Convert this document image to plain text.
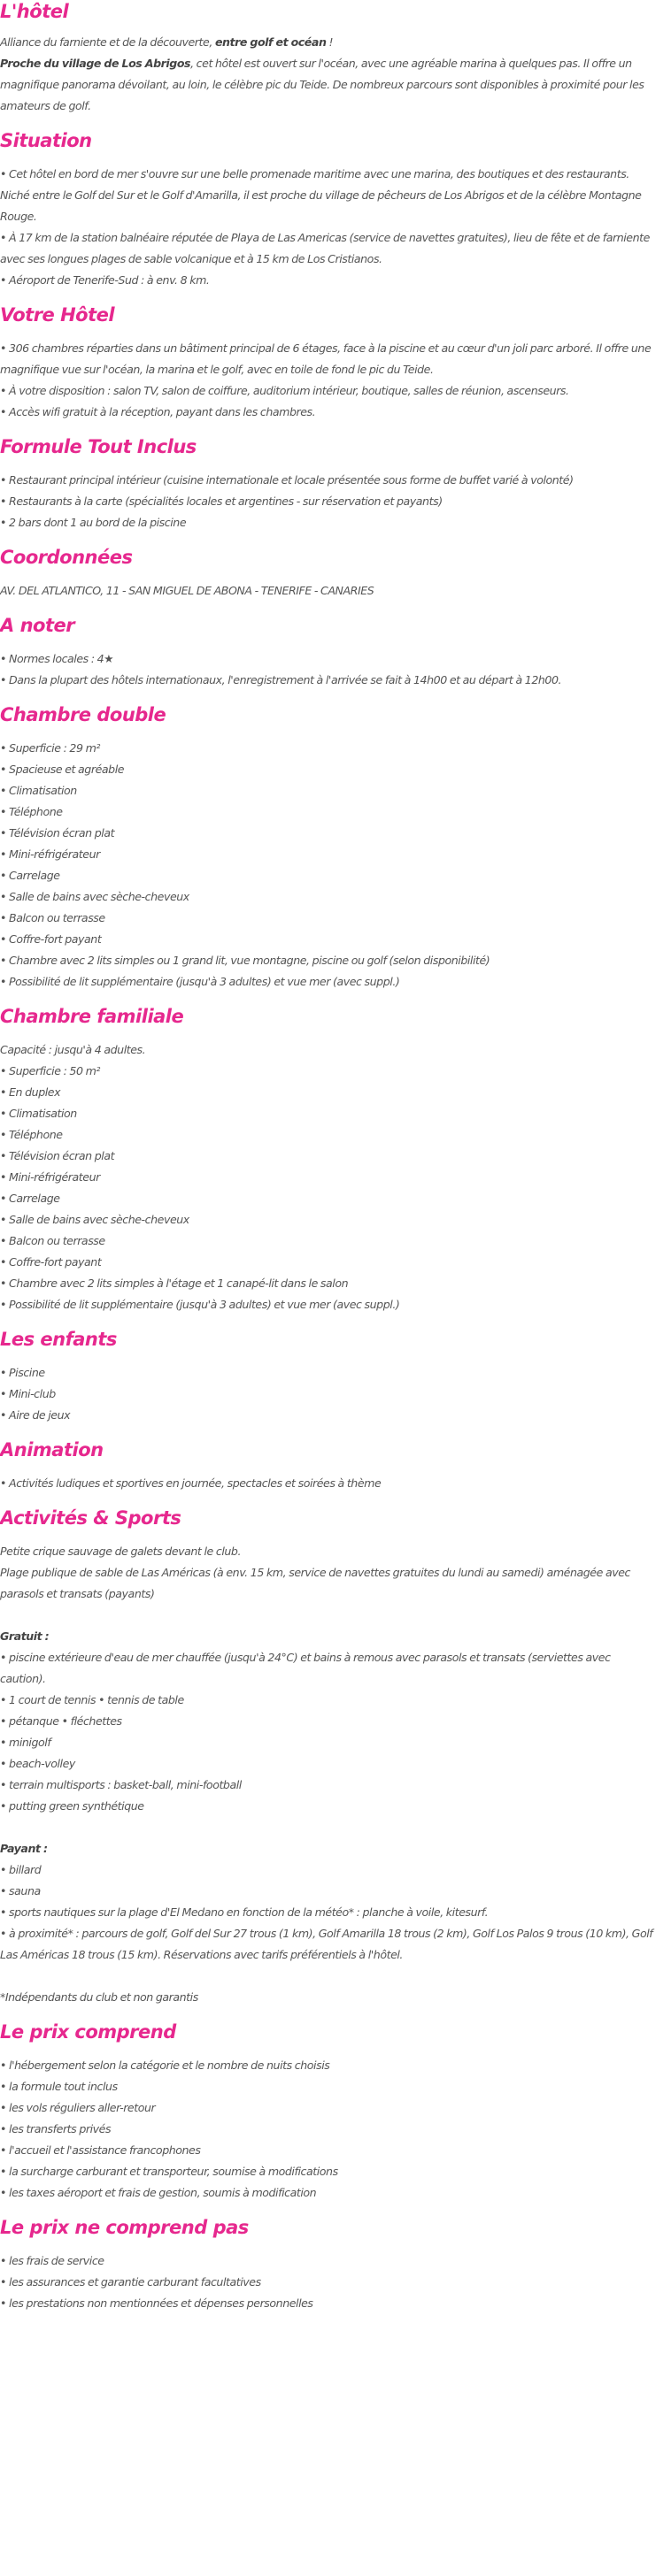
L'hôtel

Alliance du farniente et de la découverte, entre golf et océan !

Proche du village de Los Abrigos, cet hôtel est ouvert sur l'océan, avec une agréable marina à quelques pas. Il offre un magnifique panorama dévoilant, au loin, le célèbre pic du Teide. De nombreux parcours sont disponibles à proximité pour les amateurs de golf.

Situation

• Cet hôtel en bord de mer s'ouvre sur une belle promenade maritime avec une marina, des boutiques et des restaurants. Niché entre le Golf del Sur et le Golf d'Amarilla, il est proche du village de pêcheurs de Los Abrigos et de la célèbre Montagne Rouge.

• À 17 km de la station balnéaire réputée de Playa de Las Americas (service de navettes gratuites), lieu de fête et de farniente avec ses longues plages de sable volcanique et à 15 km de Los Cristianos.

• Aéroport de Tenerife-Sud : à env. 8 km.

Votre Hôtel

• 306 chambres réparties dans un bâtiment principal de 6 étages, face à la piscine et au cœur d'un joli parc arboré. Il offre une magnifique vue sur l'océan, la marina et le golf, avec en toile de fond le pic du Teide.

• À votre disposition : salon TV, salon de coiffure, auditorium intérieur, boutique, salles de réunion, ascenseurs.

• Accès wifi gratuit à la réception, payant dans les chambres.

Formule Tout Inclus

• Restaurant principal intérieur (cuisine internationale et locale présentée sous forme de buffet varié à volonté)

• Restaurants à la carte (spécialités locales et argentines - sur réservation et payants)

• 2 bars dont 1 au bord de la piscine

Coordonnées

AV. DEL ATLANTICO, 11 - SAN MIGUEL DE ABONA - TENERIFE - CANARIES

A noter

• Normes locales : 4★

• Dans la plupart des hôtels internationaux, l'enregistrement à l'arrivée se fait à 14h00 et au départ à 12h00.

Chambre double

• Superficie : 29 m²

• Spacieuse et agréable

• Climatisation

• Téléphone

• Télévision écran plat

• Mini-réfrigérateur

• Carrelage

• Salle de bains avec sèche-cheveux

• Balcon ou terrasse

• Coffre-fort payant

• Chambre avec 2 lits simples ou 1 grand lit, vue montagne, piscine ou golf (selon disponibilité)

• Possibilité de lit supplémentaire (jusqu'à 3 adultes) et vue mer (avec suppl.)

Chambre familiale

Capacité : jusqu'à 4 adultes.

• Superficie : 50 m²

• En duplex

• Climatisation

• Téléphone

• Télévision écran plat

• Mini-réfrigérateur

• Carrelage

• Salle de bains avec sèche-cheveux

• Balcon ou terrasse

• Coffre-fort payant

• Chambre avec 2 lits simples à l'étage et 1 canapé-lit dans le salon

• Possibilité de lit supplémentaire (jusqu'à 3 adultes) et vue mer (avec suppl.)

Les enfants

• Piscine

• Mini-club

• Aire de jeux

Animation

• Activités ludiques et sportives en journée, spectacles et soirées à thème

Activités & Sports

Petite crique sauvage de galets devant le club.

Plage publique de sable de Las Américas (à env. 15 km, service de navettes gratuites du lundi au samedi) aménagée avec parasols et transats (payants)

Gratuit :

• piscine extérieure d'eau de mer chauffée (jusqu'à 24°C) et bains à remous avec parasols et transats (serviettes avec caution).

• 1 court de tennis • tennis de table

• pétanque • fléchettes

• minigolf

• beach-volley

• terrain multisports : basket-ball, mini-football

• putting green synthétique

Payant :

• billard

• sauna

• sports nautiques sur la plage d'El Medano en fonction de la météo* : planche à voile, kitesurf.

• à proximité* : parcours de golf, Golf del Sur 27 trous (1 km), Golf Amarilla 18 trous (2 km), Golf Los Palos 9 trous (10 km), Golf Las Américas 18 trous (15 km). Réservations avec tarifs préférentiels à l'hôtel.

*Indépendants du club et non garantis

Le prix comprend

• l'hébergement selon la catégorie et le nombre de nuits choisis

• la formule tout inclus

• les vols réguliers aller-retour

• les transferts privés

• l'accueil et l'assistance francophones

• la surcharge carburant et transporteur, soumise à modifications

• les taxes aéroport et frais de gestion, soumis à modification

Le prix ne comprend pas

• les frais de service

• les assurances et garantie carburant facultatives

• les prestations non mentionnées et dépenses personnelles
